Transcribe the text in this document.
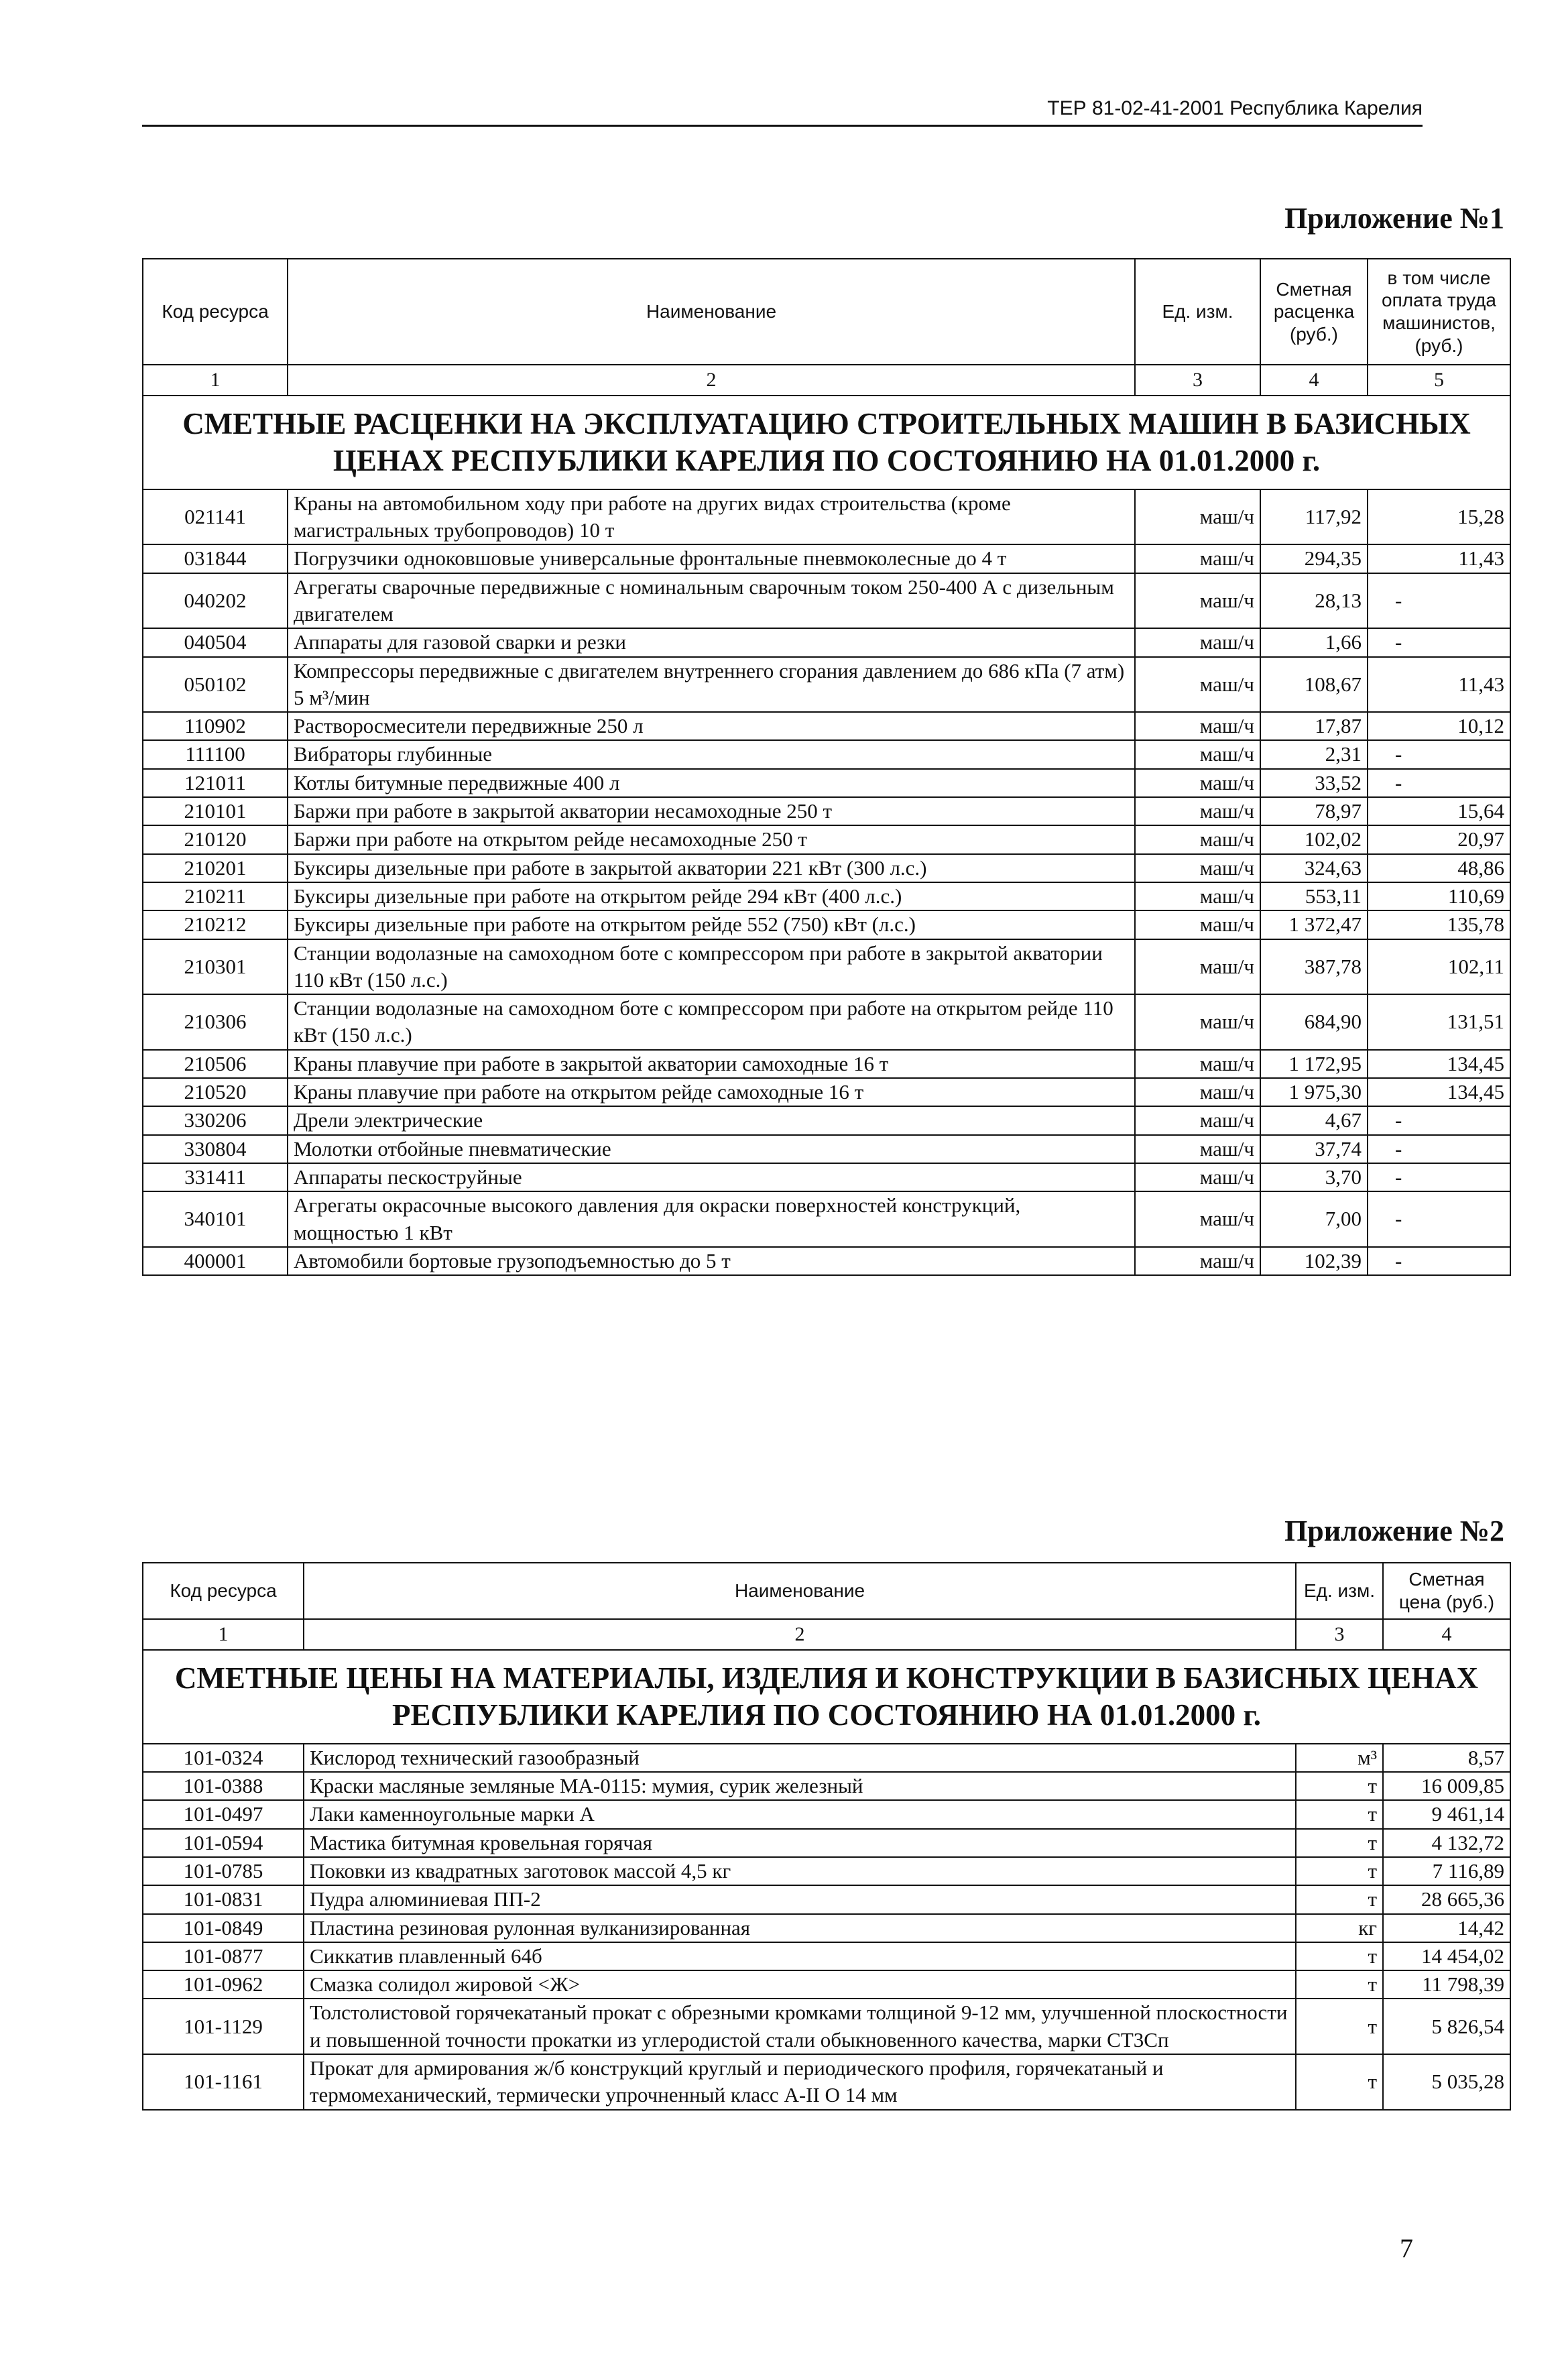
ТЕР 81-02-41-2001 Республика Карелия
Приложение №1
Код ресурса	Наименование	Ед. изм.	Сметная расценка (руб.)	в том числе оплата труда машинистов, (руб.)
1	2	3	4	5
СМЕТНЫЕ РАСЦЕНКИ НА ЭКСПЛУАТАЦИЮ СТРОИТЕЛЬНЫХ МАШИН В БАЗИСНЫХ ЦЕНАХ РЕСПУБЛИКИ КАРЕЛИЯ ПО СОСТОЯНИЮ НА 01.01.2000 г.				
021141	Краны на автомобильном ходу при работе на других видах строительства (кроме магистральных трубопроводов) 10 т	маш/ч	117,92	15,28
031844	Погрузчики одноковшовые универсальные фронтальные пневмоколесные до 4 т	маш/ч	294,35	11,43
040202	Агрегаты сварочные передвижные с номинальным сварочным током 250-400 А с дизельным двигателем	маш/ч	28,13	-
040504	Аппараты для газовой сварки и резки	маш/ч	1,66	-
050102	Компрессоры передвижные с двигателем внутреннего сгорания давлением до 686 кПа (7 атм) 5 м³/мин	маш/ч	108,67	11,43
110902	Растворосмесители передвижные 250 л	маш/ч	17,87	10,12
111100	Вибраторы глубинные	маш/ч	2,31	-
121011	Котлы битумные передвижные 400 л	маш/ч	33,52	-
210101	Баржи при работе в закрытой акватории несамоходные 250 т	маш/ч	78,97	15,64
210120	Баржи при работе на открытом рейде несамоходные 250 т	маш/ч	102,02	20,97
210201	Буксиры дизельные при работе в закрытой акватории 221 кВт (300 л.с.)	маш/ч	324,63	48,86
210211	Буксиры дизельные при работе на открытом рейде 294 кВт (400 л.с.)	маш/ч	553,11	110,69
210212	Буксиры дизельные при работе на открытом рейде 552 (750) кВт (л.с.)	маш/ч	1 372,47	135,78
210301	Станции водолазные на самоходном боте с компрессором при работе в закрытой акватории 110 кВт (150 л.с.)	маш/ч	387,78	102,11
210306	Станции водолазные на самоходном боте с компрессором при работе на открытом рейде 110 кВт (150 л.с.)	маш/ч	684,90	131,51
210506	Краны плавучие при работе в закрытой акватории самоходные 16 т	маш/ч	1 172,95	134,45
210520	Краны плавучие при работе на открытом рейде самоходные 16 т	маш/ч	1 975,30	134,45
330206	Дрели электрические	маш/ч	4,67	-
330804	Молотки отбойные пневматические	маш/ч	37,74	-
331411	Аппараты пескоструйные	маш/ч	3,70	-
340101	Агрегаты окрасочные высокого давления для окраски поверхностей конструкций, мощностью 1 кВт	маш/ч	7,00	-
400001	Автомобили бортовые грузоподъемностью до 5 т	маш/ч	102,39	-
Приложение №2
Код ресурса	Наименование	Ед. изм.	Сметная цена (руб.)
1	2	3	4
СМЕТНЫЕ ЦЕНЫ НА МАТЕРИАЛЫ, ИЗДЕЛИЯ И КОНСТРУКЦИИ В БАЗИСНЫХ ЦЕНАХ РЕСПУБЛИКИ КАРЕЛИЯ ПО СОСТОЯНИЮ НА 01.01.2000 г.			
101-0324	Кислород технический газообразный	м³	8,57
101-0388	Краски масляные земляные МА-0115: мумия, сурик железный	т	16 009,85
101-0497	Лаки каменноугольные марки А	т	9 461,14
101-0594	Мастика битумная кровельная горячая	т	4 132,72
101-0785	Поковки из квадратных заготовок массой 4,5 кг	т	7 116,89
101-0831	Пудра алюминиевая ПП-2	т	28 665,36
101-0849	Пластина резиновая рулонная вулканизированная	кг	14,42
101-0877	Сиккатив плавленный 64б	т	14 454,02
101-0962	Смазка солидол жировой <Ж>	т	11 798,39
101-1129	Толстолистовой горячекатаный прокат с обрезными кромками толщиной 9-12 мм, улучшенной плоскостности и повышенной точности прокатки из углеродистой стали обыкновенного качества, марки СТ3Сп	т	5 826,54
101-1161	Прокат для армирования ж/б конструкций круглый и периодического профиля, горячекатаный и термомеханический, термически упрочненный класс А-II О 14 мм	т	5 035,28
7
